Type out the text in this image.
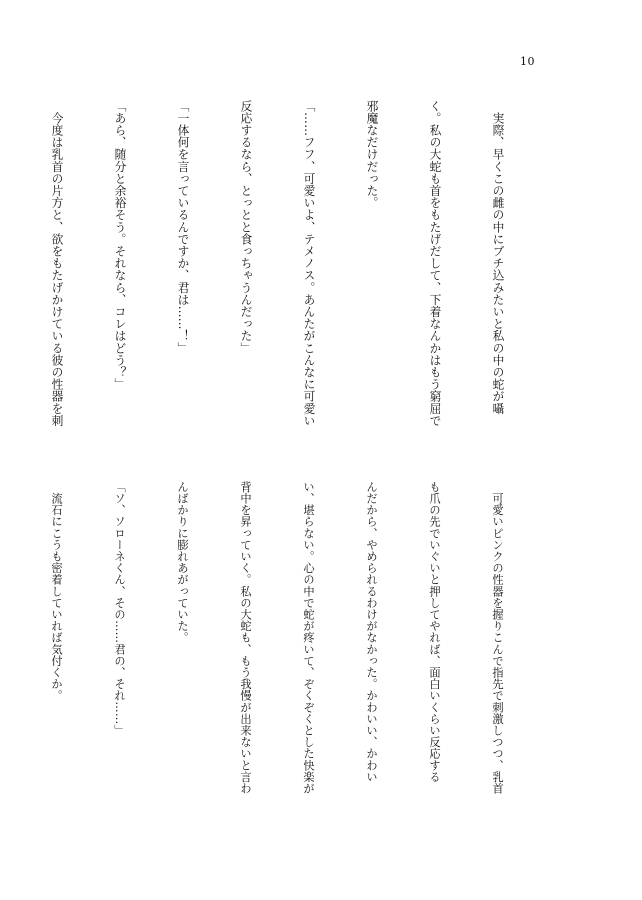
10

　実際、早くこの雌の中にブチ込みたいと私の中の蛇が囁

く。私の大蛇も首をもたげだして、下着なんかはもう窮屈で

邪魔なだけだった。

「……フフ、可愛いよ、テメノス。あんたがこんなに可愛い

反応するなら、とっとと食っちゃうんだった」

「一体何を言っているんですか、君は……！」

「あら、随分と余裕そう。それなら、コレはどう？」

　今度は乳首の片方と、欲をもたげかけている彼の性器を刺

　可愛いピンクの性器を握りこんで指先で刺激しつつ、乳首

も爪の先でいぐいと押してやれば、面白いくらい反応する

んだから、やめられるわけがなかった。かわいい、かわい

い、堪らない。心の中で蛇が疼いて、ぞくぞくとした快楽が

背中を昇っていく。私の大蛇も、もう我慢が出来ないと言わ

んばかりに膨れあがっていた。

「ソ、ソローネくん、その……君の、それ……」

　流石にこうも密着していれば気付くか。
